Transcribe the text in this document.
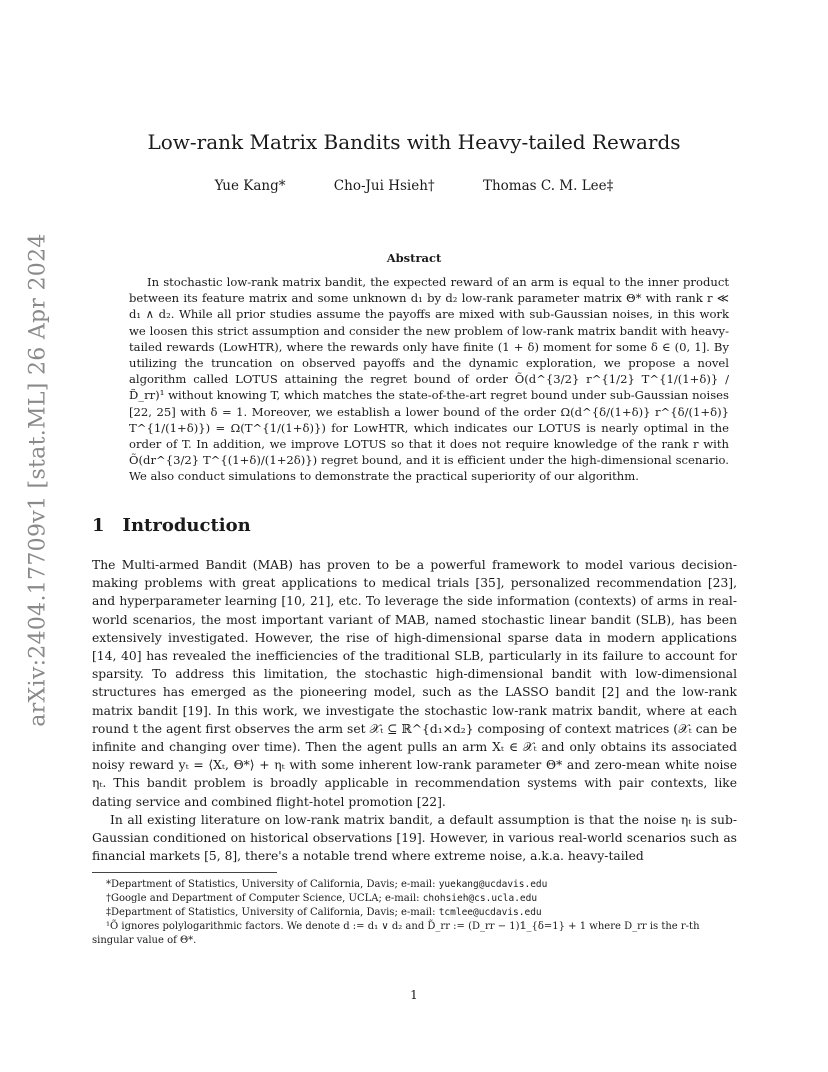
arXiv:2404.17709v1 [stat.ML] 26 Apr 2024
Low-rank Matrix Bandits with Heavy-tailed Rewards
Yue Kang*	Cho-Jui Hsieh†	Thomas C. M. Lee‡
Abstract
In stochastic low-rank matrix bandit, the expected reward of an arm is equal to the inner product between its feature matrix and some unknown d₁ by d₂ low-rank parameter matrix Θ* with rank r ≪ d₁ ∧ d₂. While all prior studies assume the payoffs are mixed with sub-Gaussian noises, in this work we loosen this strict assumption and consider the new problem of low-rank matrix bandit with heavy-tailed rewards (LowHTR), where the rewards only have finite (1 + δ) moment for some δ ∈ (0, 1]. By utilizing the truncation on observed payoffs and the dynamic exploration, we propose a novel algorithm called LOTUS attaining the regret bound of order Õ(d^{3/2} r^{1/2} T^{1/(1+δ)} / D̃_rr)¹ without knowing T, which matches the state-of-the-art regret bound under sub-Gaussian noises [22, 25] with δ = 1. Moreover, we establish a lower bound of the order Ω(d^{δ/(1+δ)} r^{δ/(1+δ)} T^{1/(1+δ)}) = Ω(T^{1/(1+δ)}) for LowHTR, which indicates our LOTUS is nearly optimal in the order of T. In addition, we improve LOTUS so that it does not require knowledge of the rank r with Õ(dr^{3/2} T^{(1+δ)/(1+2δ)}) regret bound, and it is efficient under the high-dimensional scenario. We also conduct simulations to demonstrate the practical superiority of our algorithm.
1 Introduction

The Multi-armed Bandit (MAB) has proven to be a powerful framework to model various decision-making problems with great applications to medical trials [35], personalized recommendation [23], and hyperparameter learning [10, 21], etc. To leverage the side information (contexts) of arms in real-world scenarios, the most important variant of MAB, named stochastic linear bandit (SLB), has been extensively investigated. However, the rise of high-dimensional sparse data in modern applications [14, 40] has revealed the inefficiencies of the traditional SLB, particularly in its failure to account for sparsity. To address this limitation, the stochastic high-dimensional bandit with low-dimensional structures has emerged as the pioneering model, such as the LASSO bandit [2] and the low-rank matrix bandit [19]. In this work, we investigate the stochastic low-rank matrix bandit, where at each round t the agent first observes the arm set 𝒳ₜ ⊆ ℝ^{d₁×d₂} composing of context matrices (𝒳ₜ can be infinite and changing over time). Then the agent pulls an arm Xₜ ∈ 𝒳ₜ and only obtains its associated noisy reward yₜ = ⟨Xₜ, Θ*⟩ + ηₜ with some inherent low-rank parameter Θ* and zero-mean white noise ηₜ. This bandit problem is broadly applicable in recommendation systems with pair contexts, like dating service and combined flight-hotel promotion [22].

In all existing literature on low-rank matrix bandit, a default assumption is that the noise ηₜ is sub-Gaussian conditioned on historical observations [19]. However, in various real-world scenarios such as financial markets [5, 8], there's a notable trend where extreme noise, a.k.a. heavy-tailed

*Department of Statistics, University of California, Davis; e-mail: yuekang@ucdavis.edu
†Google and Department of Computer Science, UCLA; e-mail: chohsieh@cs.ucla.edu
‡Department of Statistics, University of California, Davis; e-mail: tcmlee@ucdavis.edu
¹Õ ignores polylogarithmic factors. We denote d := d₁ ∨ d₂ and D̃_rr := (D_rr − 1)𝟙_{δ=1} + 1 where D_rr is the r-th singular value of Θ*.
1
